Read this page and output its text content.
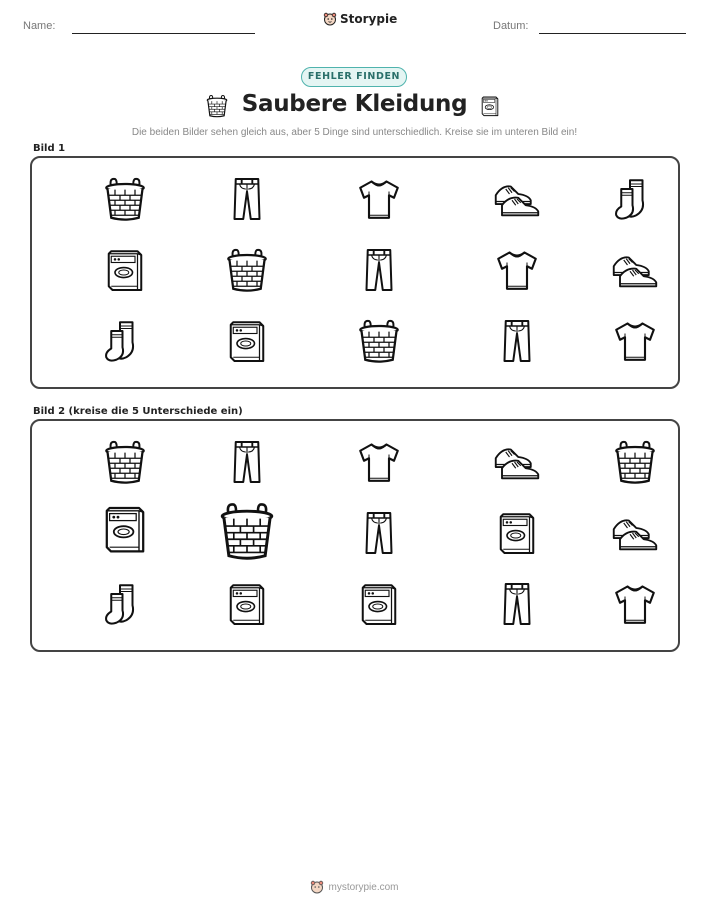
Name:	Storypie	Datum:
FEHLER FINDEN
Saubere Kleidung
Die beiden Bilder sehen gleich aus, aber 5 Dinge sind unterschiedlich. Kreise sie im unteren Bild ein!
Bild 1
Bild 2 (kreise die 5 Unterschiede ein)
mystorypie.com
